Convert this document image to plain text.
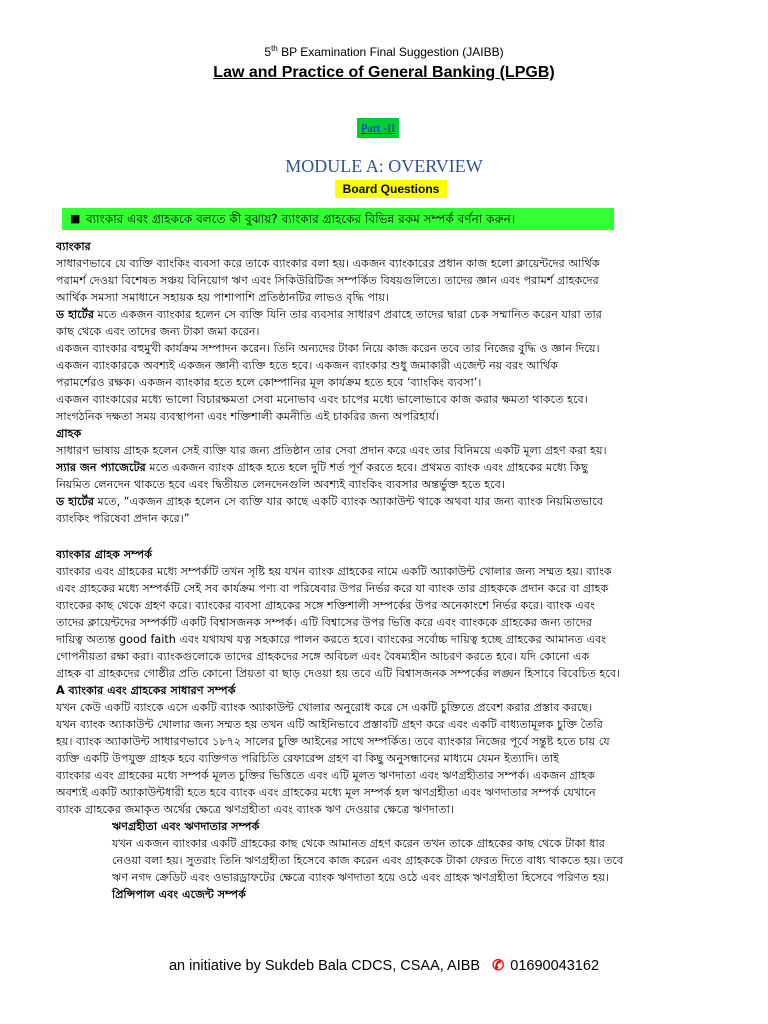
5th BP Examination Final Suggestion (JAIBB)
Law and Practice of General Banking (LPGB)
Part -II
MODULE A: OVERVIEW
Board Questions
■ ব্যাংকার এবং গ্রাহককে বলতে কী বুঝায়? ব্যাংকার গ্রাহকের বিভিন্ন রকম সম্পর্ক বর্ণনা করুন।
ব্যাংকার
সাধারণভাবে যে ব্যক্তি ব্যাংকিং ব্যবসা করে তাকে ব্যাংকার বলা হয়। একজন ব্যাংকারের প্রধান কাজ হলো ক্লায়েন্টদের আর্থিক
পরামর্শ দেওয়া বিশেষত সঞ্চয় বিনিয়োগ ঋণ এবং সিকিউরিটিজ সম্পর্কিত বিষয়গুলিতে। তাদের জ্ঞান এবং পরামর্শ গ্রাহকদের
আর্থিক সমস্যা সমাধানে সহায়ক হয় পাশাপাশি প্রতিষ্ঠানটির লাভও বৃদ্ধি পায়।
ড হার্টের মতে একজন ব্যাংকার হলেন সে ব্যক্তি যিনি তার ব্যবসার সাধারণ প্রবাহে তাদের দ্বারা চেক সম্মানিত করেন যারা তার
কাছ থেকে এবং তাদের জন্য টাকা জমা করেন।
একজন ব্যাংকার বহুমুখী কার্যক্রম সম্পাদন করেন। তিনি অন্যদের টাকা নিয়ে কাজ করেন তবে তার নিজের বুদ্ধি ও জ্ঞান দিয়ে।
একজন ব্যাংকারকে অবশ্যই একজন জ্ঞানী ব্যক্তি হতে হবে। একজন ব্যাংকার শুধু জমাকারী এজেন্ট নয় বরং আর্থিক
পরামর্শেরও রক্ষক। একজন ব্যাংকার হতে হলে কোম্পানির মূল কার্যক্রম হতে হবে ‘ব্যাংকিং ব্যবসা’।
একজন ব্যাংকারের মধ্যে ভালো বিচারক্ষমতা সেবা মনোভাব এবং চাপের মধ্যে ভালোভাবে কাজ করার ক্ষমতা থাকতে হবে।
সাংগঠনিক দক্ষতা সময় ব্যবস্থাপনা এবং শক্তিশালী কমনীতি এই চাকরির জন্য অপরিহার্য।
গ্রাহক
সাধারণ ভাষায় গ্রাহক হলেন সেই ব্যক্তি যার জন্য প্রতিষ্ঠান তার সেবা প্রদান করে এবং তার বিনিময়ে একটি মূল্য গ্রহণ করা হয়।
স্যার জন প্যাজেটের মতে একজন ব্যাংক গ্রাহক হতে হলে দুটি শর্ত পূর্ণ করতে হবে। প্রথমত ব্যাংক এবং গ্রাহকের মধ্যে কিছু
নিয়মিত লেনদেন থাকতে হবে এবং দ্বিতীয়ত লেনদেনগুলি অবশ্যই ব্যাংকিং ব্যবসার অন্তর্ভুক্ত হতে হবে।
ড হার্টের মতে, “একজন গ্রাহক হলেন সে ব্যক্তি যার কাছে একটি ব্যাংক অ্যাকাউন্ট থাকে অথবা যার জন্য ব্যাংক নিয়মিতভাবে
ব্যাংকিং পরিষেবা প্রদান করে।”
ব্যাংকার গ্রাহক সম্পর্ক
ব্যাংকার এবং গ্রাহকের মধ্যে সম্পর্কটি তখন সৃষ্টি হয় যখন ব্যাংক গ্রাহকের নামে একটি অ্যাকাউন্ট খোলার জন্য সম্মত হয়। ব্যাংক
এবং গ্রাহকের মধ্যে সম্পর্কটি সেই সব কার্যক্রম পণ্য বা পরিষেবার উপর নির্ভর করে যা ব্যাংক তার গ্রাহককে প্রদান করে বা গ্রাহক
ব্যাংকের কাছ থেকে গ্রহণ করে। ব্যাংকের ব্যবসা গ্রাহকের সঙ্গে শক্তিশালী সম্পর্কের উপর অনেকাংশে নির্ভর করে। ব্যাংক এবং
তাদের ক্লায়েন্টদের সম্পর্কটি একটি বিশ্বাসজনক সম্পর্ক। এটি বিশ্বাসের উপর ভিত্তি করে এবং ব্যাংককে গ্রাহকের জন্য তাদের
দায়িত্ব অত্যন্ত good faith এবং যথাযথ যত্ন সহকারে পালন করতে হবে। ব্যাংকের সর্বোচ্চ দায়িত্ব হচ্ছে গ্রাহকের আমানত এবং
গোপনীয়তা রক্ষা করা। ব্যাংকগুলোকে তাদের গ্রাহকদের সঙ্গে অবিচল এবং বৈষম্যহীন আচরণ করতে হবে। যদি কোনো এক
গ্রাহক বা গ্রাহকদের গোষ্ঠীর প্রতি কোনো প্রিয়তা বা ছাড় দেওয়া হয় তবে এটি বিশ্বাসজনক সম্পর্কের লঙ্ঘন হিসাবে বিবেচিত হবে।
A ব্যাংকার এবং গ্রাহকের সাধারণ সম্পর্ক
যখন কেউ একটি ব্যাংকে এসে একটি ব্যাংক অ্যাকাউন্ট খোলার অনুরোধ করে সে একটি চুক্তিতে প্রবেশ করার প্রস্তাব করছে।
যখন ব্যাংক অ্যাকাউন্ট খোলার জন্য সম্মত হয় তখন এটি আইনিভাবে প্রস্তাবটি গ্রহণ করে এবং একটি বাধ্যতামূলক চুক্তি তৈরি
হয়। ব্যাংক অ্যাকাউন্ট সাধারণভাবে ১৮৭২ সালের চুক্তি আইনের সাথে সম্পর্কিত। তবে ব্যাংকার নিজের পূর্বে সন্তুষ্ট হতে চায় যে
ব্যক্তি একটি উপযুক্ত গ্রাহক হবে ব্যক্তিগত পরিচিতি রেফারেন্স গ্রহণ বা কিছু অনুসন্ধানের মাধ্যমে যেমন ইত্যাদি। তাই
ব্যাংকার এবং গ্রাহকের মধ্যে সম্পর্ক মূলত চুক্তির ভিত্তিতে এবং এটি মূলত ঋণদাতা এবং ঋণগ্রহীতার সম্পর্ক। একজন গ্রাহক
অবশ্যই একটি অ্যাকাউন্টধারী হতে হবে ব্যাংক এবং গ্রাহকের মধ্যে মূল সম্পর্ক হল ঋণগ্রহীতা এবং ঋণদাতার সম্পর্ক যেখানে
ব্যাংক গ্রাহকের জমাকৃত অর্থের ক্ষেত্রে ঋণগ্রহীতা এবং ব্যাংক ঋণ দেওয়ার ক্ষেত্রে ঋণদাতা।
ঋণগ্রহীতা এবং ঋণদাতার সম্পর্ক
যখন একজন ব্যাংকার একটি গ্রাহকের কাছ থেকে আমানত গ্রহণ করেন তখন তাকে গ্রাহকের কাছ থেকে টাকা ধার
নেওয়া বলা হয়। সুতরাং তিনি ঋণগ্রহীতা হিসেবে কাজ করেন এবং গ্রাহককে টাকা ফেরত দিতে বাধ্য থাকতে হয়। তবে
ঋণ নগদ ক্রেডিট এবং ওভারড্রাফটের ক্ষেত্রে ব্যাংক ঋণদাতা হয়ে ওঠে এবং গ্রাহক ঋণগ্রহীতা হিসেবে পরিণত হয়।
প্রিন্সিপাল এবং এজেন্ট সম্পর্ক
an initiative by Sukdeb Bala CDCS, CSAA, AIBB ✆ 01690043162
